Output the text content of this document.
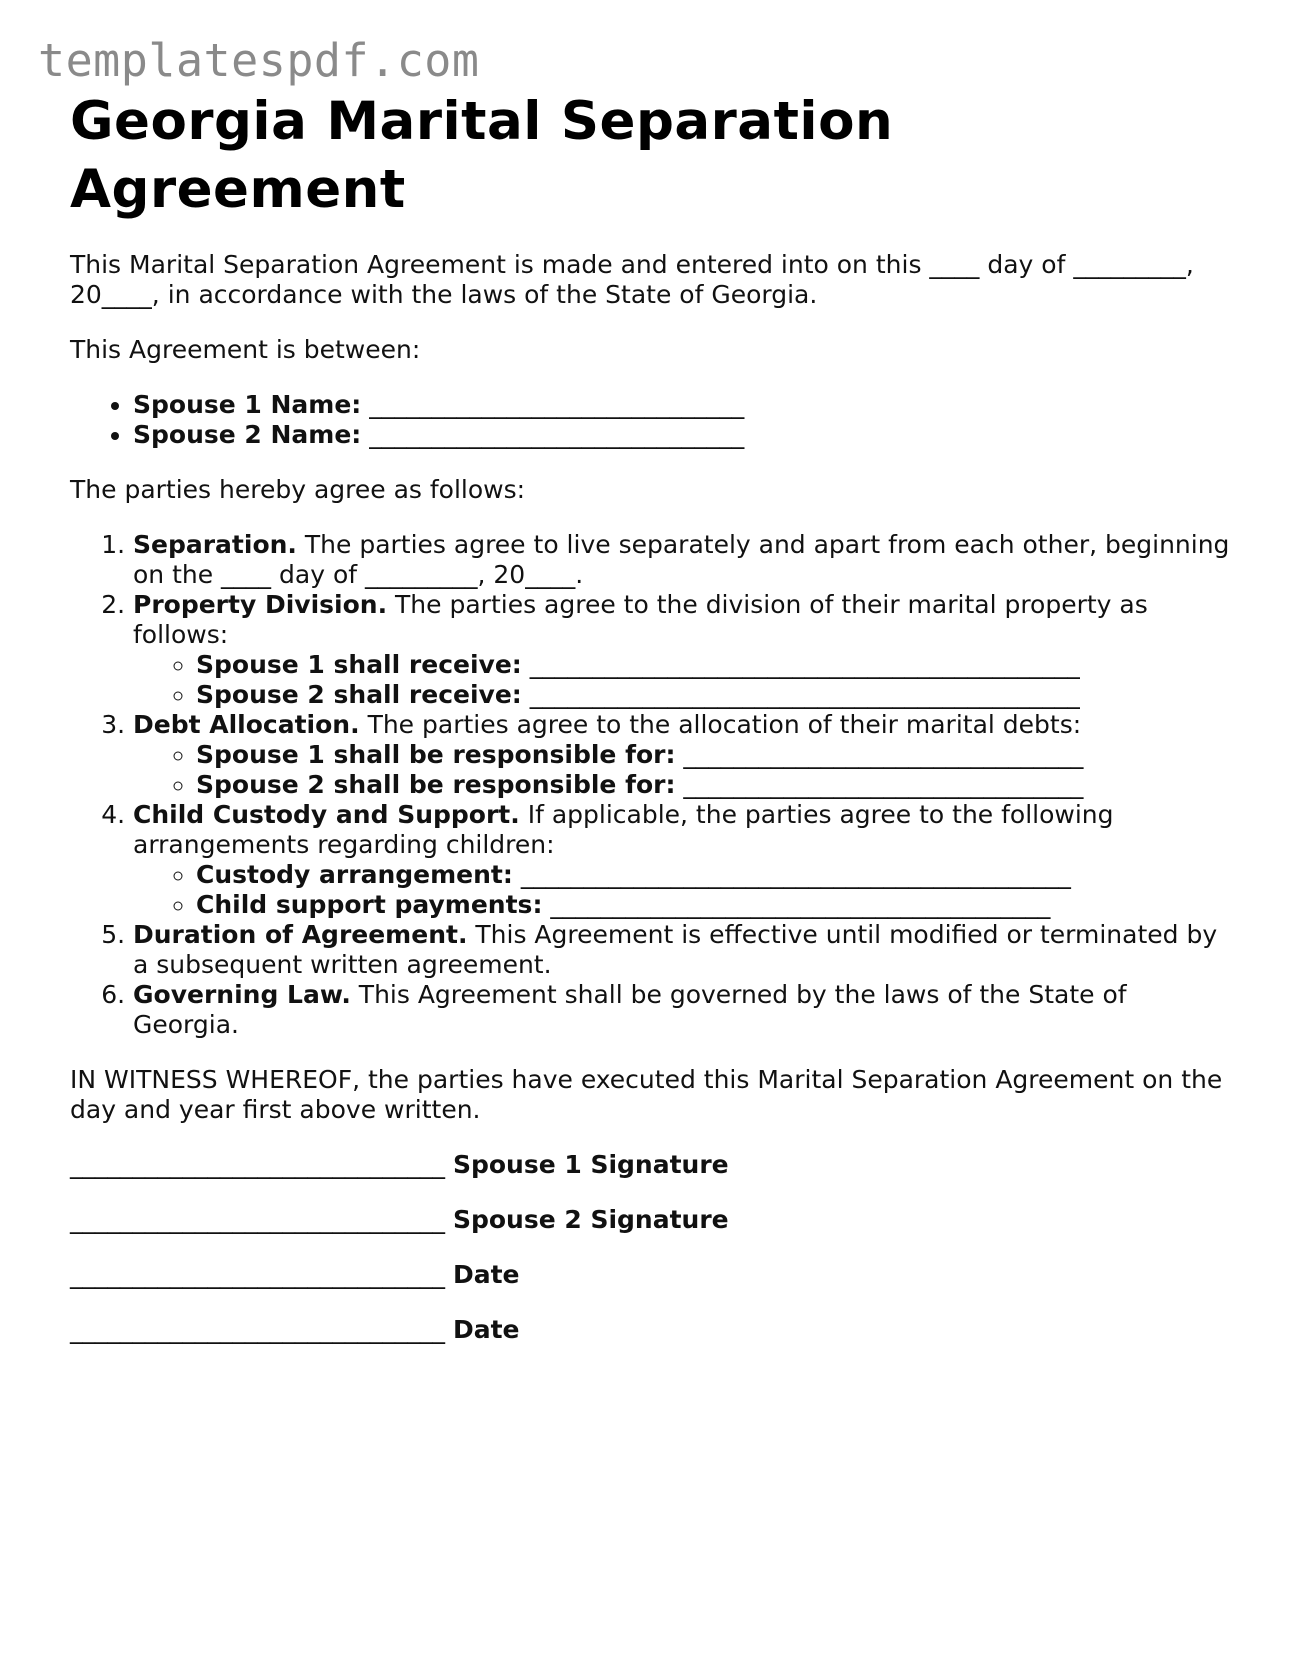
templatespdf.com
Georgia Marital Separation Agreement

This Marital Separation Agreement is made and entered into on this ____ day of _________, 20____, in accordance with the laws of the State of Georgia.

This Agreement is between:

• Spouse 1 Name: ______________________________
• Spouse 2 Name: ______________________________

The parties hereby agree as follows:

1. Separation. The parties agree to live separately and apart from each other, beginning on the ____ day of _________, 20____.
2. Property Division. The parties agree to the division of their marital property as follows:
◦ Spouse 1 shall receive: ____________________________________________
◦ Spouse 2 shall receive: ____________________________________________
3. Debt Allocation. The parties agree to the allocation of their marital debts:
◦ Spouse 1 shall be responsible for: ________________________________
◦ Spouse 2 shall be responsible for: ________________________________
4. Child Custody and Support. If applicable, the parties agree to the following arrangements regarding children:
◦ Custody arrangement: ____________________________________________
◦ Child support payments: ________________________________________
5. Duration of Agreement. This Agreement is effective until modified or terminated by a subsequent written agreement.
6. Governing Law. This Agreement shall be governed by the laws of the State of Georgia.

IN WITNESS WHEREOF, the parties have executed this Marital Separation Agreement on the day and year first above written.

______________________________ Spouse 1 Signature
______________________________ Spouse 2 Signature
______________________________ Date
______________________________ Date
